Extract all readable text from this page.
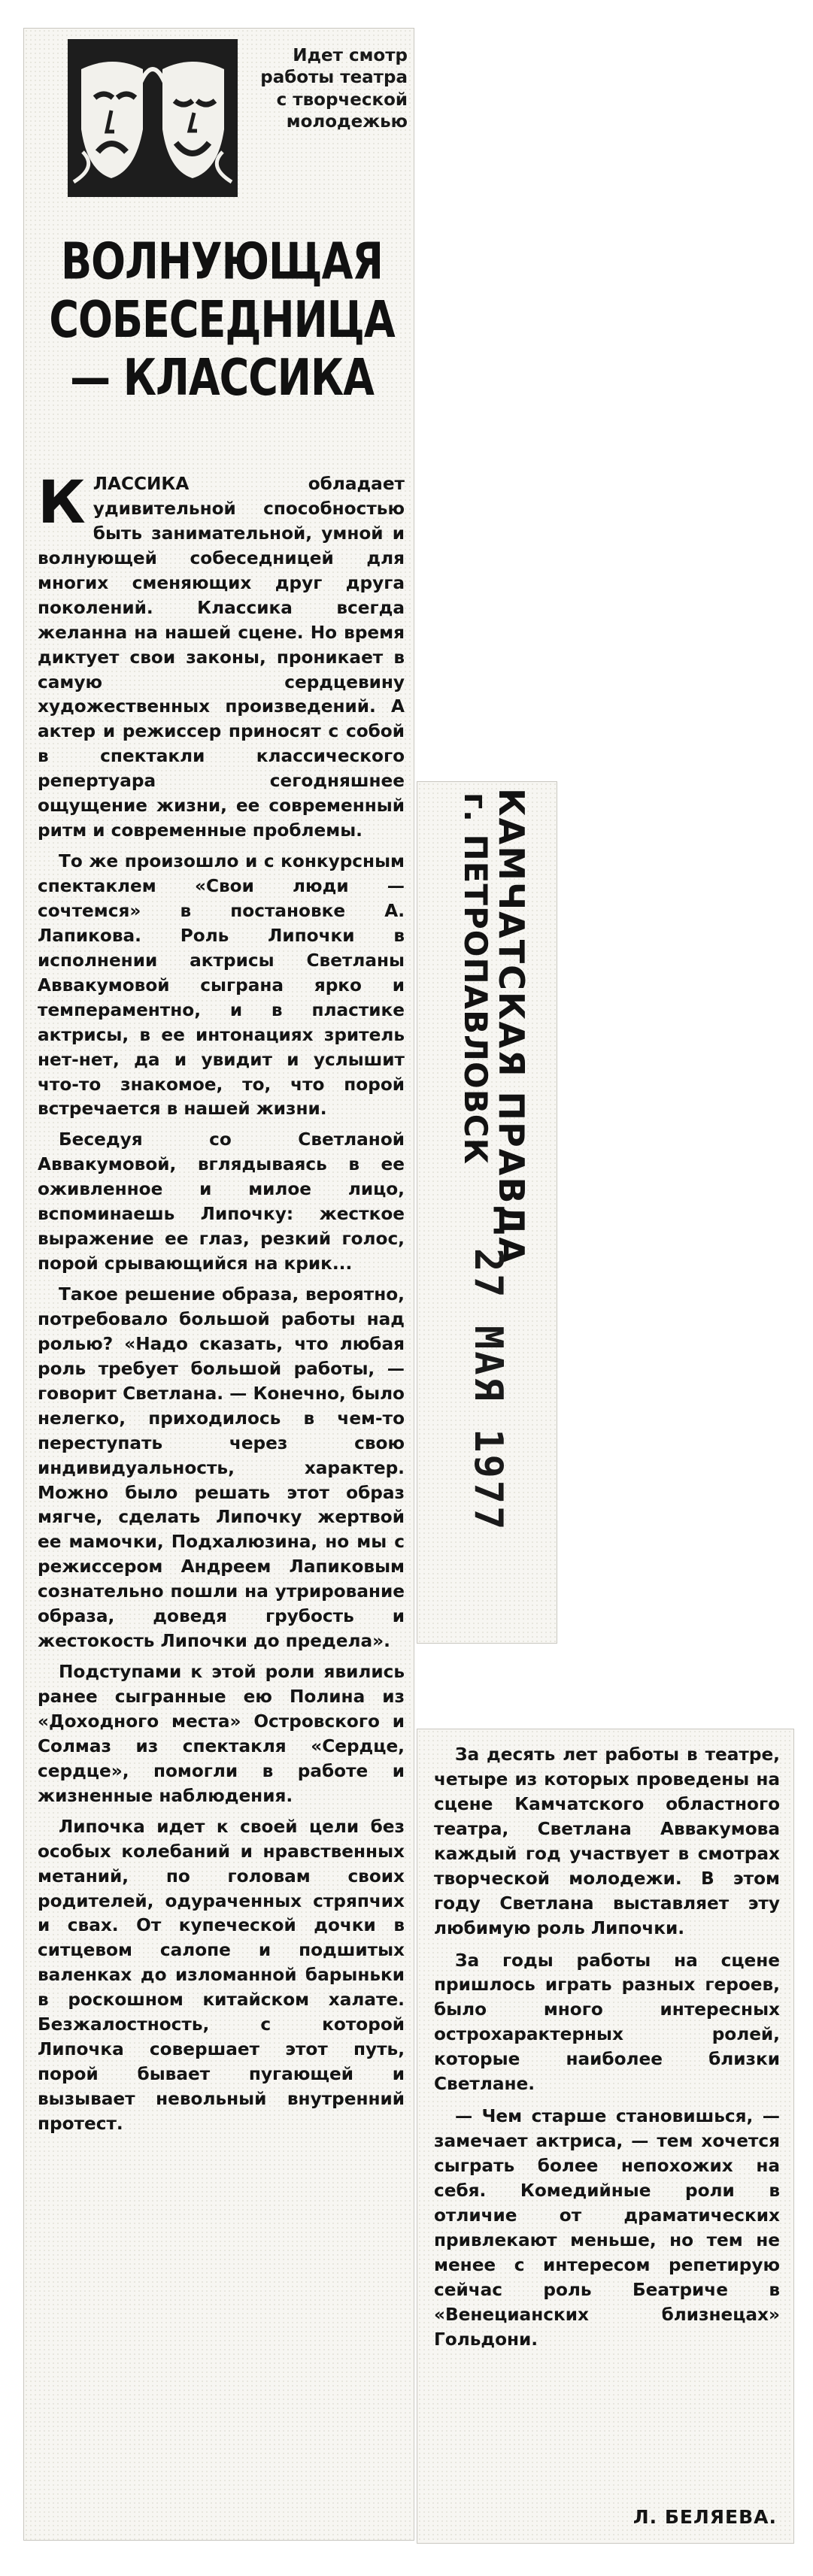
Идет смотр работы театра с творческой молодежью
ВОЛНУЮЩАЯ
СОБЕСЕДНИЦА
— КЛАССИКА

КЛАССИКА обладает удивительной способностью быть занимательной, умной и волнующей собеседницей для многих сменяющих друг друга поколений. Классика всегда желанна на нашей сцене. Но время диктует свои законы, проникает в самую сердцевину художественных произведений. А актер и режиссер приносят с собой в спектакли классического репертуара сегодняшнее ощущение жизни, ее современный ритм и современные проблемы.

То же произошло и с конкурсным спектаклем «Свои люди — сочтемся» в постановке А. Лапикова. Роль Липочки в исполнении актрисы Светланы Аввакумовой сыграна ярко и темпераментно, и в пластике актрисы, в ее интонациях зритель нет-нет, да и увидит и услышит что-то знакомое, то, что порой встречается в нашей жизни.

Беседуя со Светланой Аввакумовой, вглядываясь в ее оживленное и милое лицо, вспоминаешь Липочку: жесткое выражение ее глаз, резкий голос, порой срывающийся на крик...

Такое решение образа, вероятно, потребовало большой работы над ролью? «Надо сказать, что любая роль требует большой работы, — говорит Светлана. — Конечно, было нелегко, приходилось в чем-то переступать через свою индивидуальность, характер. Можно было решать этот образ мягче, сделать Липочку жертвой ее мамочки, Подхалюзина, но мы с режиссером Андреем Лапиковым сознательно пошли на утрирование образа, доведя грубость и жестокость Липочки до предела».

Подступами к этой роли явились ранее сыгранные ею Полина из «Доходного места» Островского и Солмаз из спектакля «Сердце, сердце», помогли в работе и жизненные наблюдения.

Липочка идет к своей цели без особых колебаний и нравственных метаний, по головам своих родителей, одураченных стряпчих и свах. От купеческой дочки в ситцевом салопе и подшитых валенках до изломанной барыньки в роскошном китайском халате. Безжалостность, с которой Липочка совершает этот путь, порой бывает пугающей и вызывает невольный внутренний протест.

КАМЧАТСКАЯ ПРАВДА
г. ПЕТРОПАВЛОВСК
27 МАЯ 1977

За десять лет работы в театре, четыре из которых проведены на сцене Камчатского областного театра, Светлана Аввакумова каждый год участвует в смотрах творческой молодежи. В этом году Светлана выставляет эту любимую роль Липочки.

За годы работы на сцене пришлось играть разных героев, было много интересных острохарактерных ролей, которые наиболее близки Светлане.

— Чем старше становишься, — замечает актриса, — тем хочется сыграть более непохожих на себя. Комедийные роли в отличие от драматических привлекают меньше, но тем не менее с интересом репетирую сейчас роль Беатриче в «Венецианских близнецах» Гольдони.

Л. БЕЛЯЕВА.
